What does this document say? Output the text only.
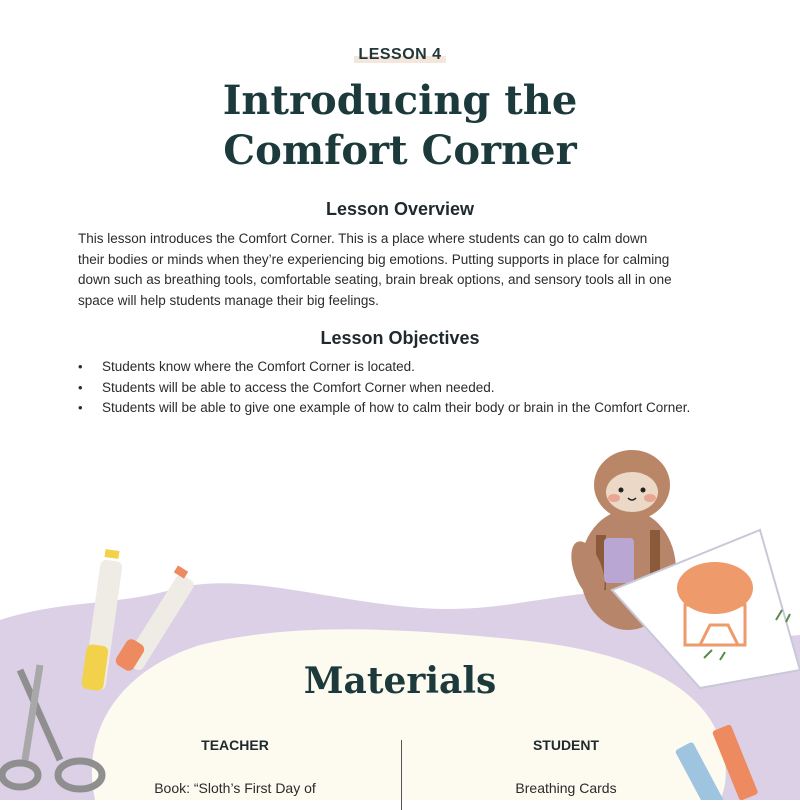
LESSON 4
Introducing the
Comfort Corner
Lesson Overview

This lesson introduces the Comfort Corner. This is a place where students can go to calm down
their bodies or minds when they’re experiencing big emotions. Putting supports in place for calming
down such as breathing tools, comfortable seating, brain break options, and sensory tools all in one
space will help students manage their big feelings.

Lesson Objectives
• Students know where the Comfort Corner is located.
• Students will be able to access the Comfort Corner when needed.
• Students will be able to give one example of how to calm their body or brain in the Comfort Corner.
Materials
TEACHER
Book: “Sloth’s First Day of
STUDENT
Breathing Cards
